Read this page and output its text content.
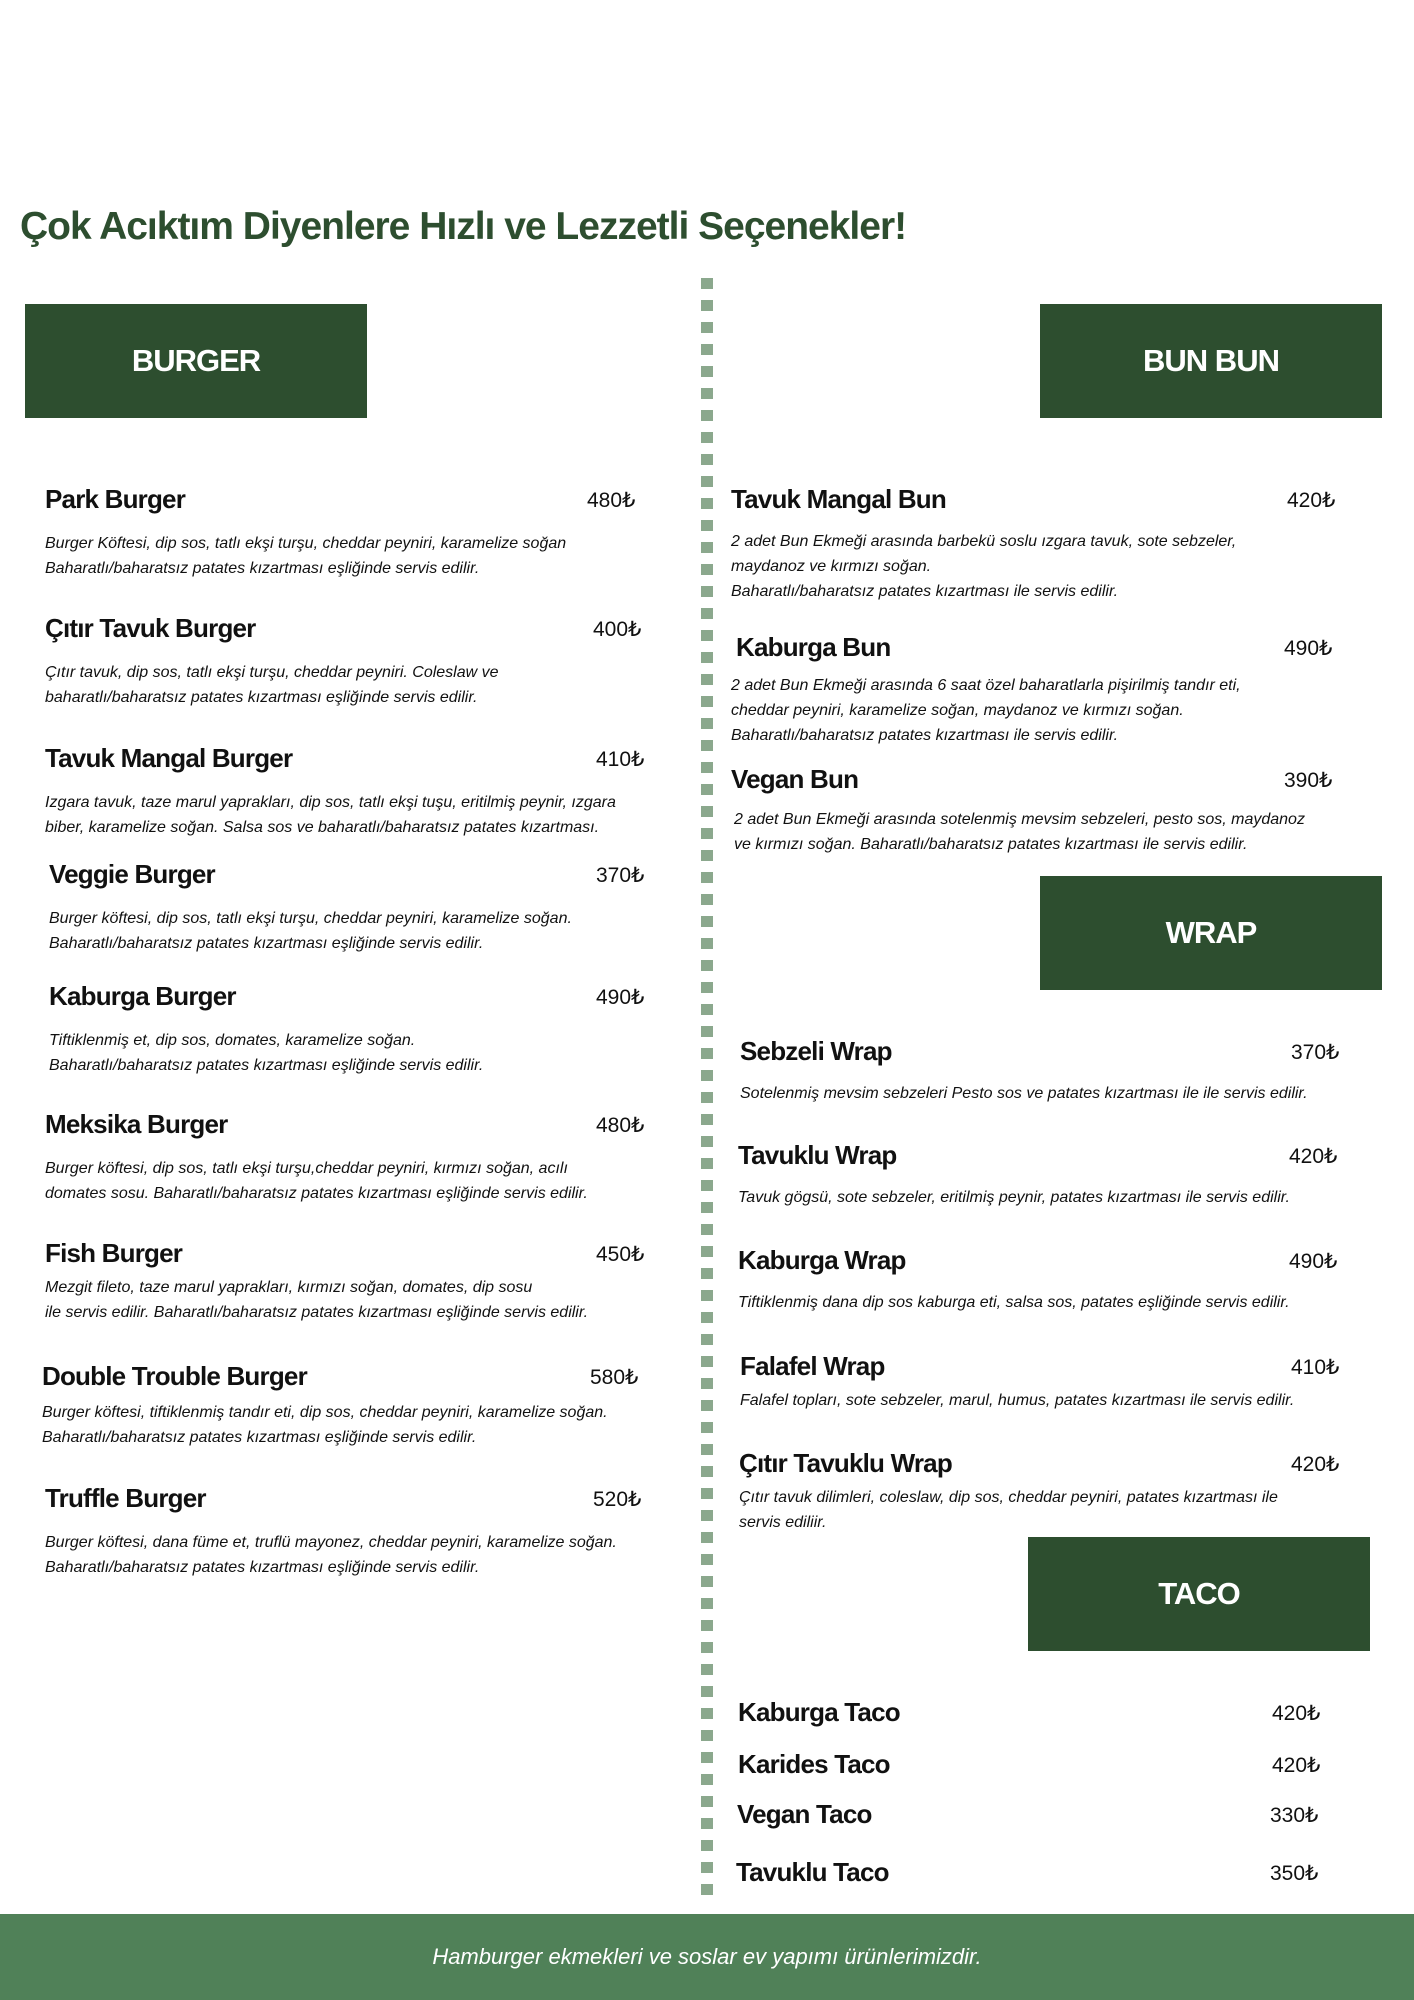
Çok Acıktım Diyenlere Hızlı ve Lezzetli Seçenekler!
BURGER	BUN BUN
WRAP
TACO
Park Burger	480₺
Burger Köftesi, dip sos, tatlı ekşi turşu, cheddar peyniri, karamelize soğan
Baharatlı/baharatsız patates kızartması eşliğinde servis edilir.
Çıtır Tavuk Burger	400₺
Çıtır tavuk, dip sos, tatlı ekşi turşu, cheddar peyniri. Coleslaw ve
baharatlı/baharatsız patates kızartması eşliğinde servis edilir.
Tavuk Mangal Burger	410₺
Izgara tavuk, taze marul yaprakları, dip sos, tatlı ekşi tuşu, eritilmiş peynir, ızgara
biber, karamelize soğan. Salsa sos ve baharatlı/baharatsız patates kızartması.
Veggie Burger	370₺
Burger köftesi, dip sos, tatlı ekşi turşu, cheddar peyniri, karamelize soğan.
Baharatlı/baharatsız patates kızartması eşliğinde servis edilir.
Kaburga Burger	490₺
Tiftiklenmiş et, dip sos, domates, karamelize soğan.
Baharatlı/baharatsız patates kızartması eşliğinde servis edilir.
Meksika Burger	480₺
Burger köftesi, dip sos, tatlı ekşi turşu,cheddar peyniri, kırmızı soğan, acılı
domates sosu. Baharatlı/baharatsız patates kızartması eşliğinde servis edilir.
Fish Burger	450₺
Mezgit fileto, taze marul yaprakları, kırmızı soğan, domates, dip sosu
ile servis edilir. Baharatlı/baharatsız patates kızartması eşliğinde servis edilir.
Double Trouble Burger	580₺
Burger köftesi, tiftiklenmiş tandır eti, dip sos, cheddar peyniri, karamelize soğan.
Baharatlı/baharatsız patates kızartması eşliğinde servis edilir.
Truffle Burger	520₺
Burger köftesi, dana füme et, truflü mayonez, cheddar peyniri, karamelize soğan.
Baharatlı/baharatsız patates kızartması eşliğinde servis edilir.
Tavuk Mangal Bun	420₺
2 adet Bun Ekmeği arasında barbekü soslu ızgara tavuk, sote sebzeler,
maydanoz ve kırmızı soğan.
Baharatlı/baharatsız patates kızartması ile servis edilir.
Kaburga Bun	490₺
2 adet Bun Ekmeği arasında 6 saat özel baharatlarla pişirilmiş tandır eti,
cheddar peyniri, karamelize soğan, maydanoz ve kırmızı soğan.
Baharatlı/baharatsız patates kızartması ile servis edilir.
Vegan Bun	390₺
2 adet Bun Ekmeği arasında sotelenmiş mevsim sebzeleri, pesto sos, maydanoz
ve kırmızı soğan. Baharatlı/baharatsız patates kızartması ile servis edilir.
Sebzeli Wrap	370₺
Sotelenmiş mevsim sebzeleri Pesto sos ve patates kızartması ile ile servis edilir.
Tavuklu Wrap	420₺
Tavuk gögsü, sote sebzeler, eritilmiş peynir, patates kızartması ile servis edilir.
Kaburga Wrap	490₺
Tiftiklenmiş dana dip sos kaburga eti, salsa sos, patates eşliğinde servis edilir.
Falafel Wrap	410₺
Falafel topları, sote sebzeler, marul, humus, patates kızartması ile servis edilir.
Çıtır Tavuklu Wrap	420₺
Çıtır tavuk dilimleri, coleslaw, dip sos, cheddar peyniri, patates kızartması ile
servis ediliir.
Kaburga Taco	420₺
Karides Taco	420₺
Vegan Taco	330₺
Tavuklu Taco	350₺
Hamburger ekmekleri ve soslar ev yapımı ürünlerimizdir.
